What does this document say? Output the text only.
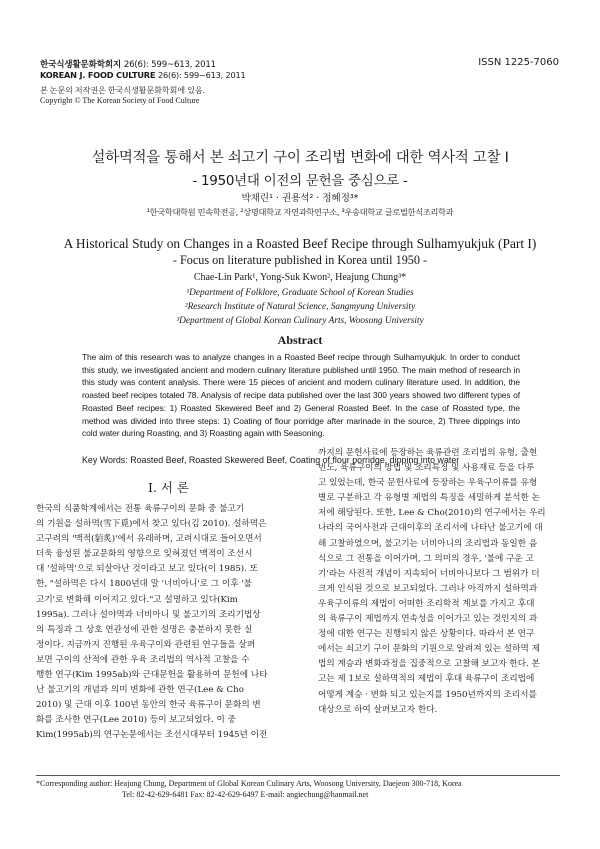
한국식생활문화학회지 26(6): 599~613, 2011
KOREAN J. FOOD CULTURE 26(6): 599~613, 2011
본 논문의 저작권은 한국식생활문화학회에 있음.
Copyright © The Korean Society of Food Culture
ISSN 1225-7060
설하멱적을 통해서 본 쇠고기 구이 조리법 변화에 대한 역사적 고찰 I
- 1950년대 이전의 문헌을 중심으로 -
박채린¹ · 권용석² · 정혜정³*
¹한국학대학원 민속학전공, ²상명대학교 자연과학연구소, ³우송대학교 글로벌한식조리학과
A Historical Study on Changes in a Roasted Beef Recipe through Sulhamyukjuk (Part I)
- Focus on literature published in Korea until 1950 -
Chae-Lin Park¹, Yong-Suk Kwon², Heajung Chung³*
¹Department of Folklore, Graduate School of Korean Studies
²Research Institute of Natural Science, Sangmyung University
³Department of Global Korean Culinary Arts, Woosong University
Abstract
The aim of this research was to analyze changes in a Roasted Beef recipe through Sulhamyukjuk. In order to conduct this study, we investigated ancient and modern culinary literature published until 1950. The main method of research in this study was content analysis. There were 15 pieces of ancient and modern culinary literature used. In addition, the roasted beef recipes totaled 78. Analysis of recipe data published over the last 300 years showed two different types of Roasted Beef recipes: 1) Roasted Skewered Beef and 2) General Roasted Beef. In the case of Roasted type, the method was divided into three steps: 1) Coating of flour porridge after marinade in the source, 2) Three dippings into cold water during Roasting, and 3) Roasting again with Seasoning.
Key Words: Roasted Beef, Roasted Skewered Beef, Coating of flour porridge, dipping into water
I. 서 론
한국의 식품학계에서는 전통 육류구이의 문화 중 불고기
의 기원을 설하멱(雪下覓)에서 찾고 있다(김 2010). 설하멱은
고구려의 '맥적(貊炙)'에서 유래하며, 고려시대로 들어오면서
더욱 융성된 불교문화의 영향으로 잊혀졌던 맥적이 조선시
대 '설하멱'으로 되살아난 것이라고 보고 있다(이 1985). 또
한, "설하멱은 다시 1800년대 말 '너비아니'로 그 이후 '불
고기'로 변화해 이어지고 있다."고 설명하고 있다(Kim
1995a). 그러나 설야멱과 너비아니 및 불고기의 조리기법상
의 특징과 그 상호 연관성에 관한 설명은 충분하지 못한 실
정이다. 지금까지 진행된 우육구이와 관련된 연구들을 살펴
보면 구이의 산적에 관한 우육 조리법의 역사적 고찰을 수
행한 연구(Kim 1995ab)와 근대문헌을 활용하여 문헌에 나타
난 불고기의 개념과 의미 변화에 관한 연구(Lee & Cho
2010) 및 근대 이후 100년 동안의 한국 육류구이 문화의 변
화를 조사한 연구(Lee 2010) 등이 보고되었다. 이 중
Kim(1995ab)의 연구논문에서는 조선시대부터 1945년 이전
까지의 문헌사료에 등장하는 육류관련 조리법의 유형, 출현
빈도, 육류구이의 방법 및 조리특징 및 사용재료 등을 다루
고 있었는데, 한국 문헌사료에 등장하는 우육구이류를 유형
별로 구분하고 각 유형별 제법의 특징을 세밀하게 분석한 논
저에 해당된다. 또한, Lee & Cho(2010)의 연구에서는 우리
나라의 국어사전과 근대이후의 조리서에 나타난 불고기에 대
해 고찰하였으며, 불고기는 너비아니의 조리법과 동일한 음
식으로 그 전통을 이어가며, 그 의미의 경우, '불에 구운 고
기'라는 사전적 개념이 지속되어 너비아니보다 그 범위가 더
크게 인식된 것으로 보고되었다. 그러나 아직까지 설하멱과
우육구이류의 제법이 어떠한 조리학적 계보를 가지고 후대
의 육류구이 제법까지 연속성을 이어가고 있는 것인지의 과
정에 대한 연구는 진행되지 않은 상황이다. 따라서 본 연구
에서는 쇠고기 구이 문화의 기원으로 알려져 있는 설하멱 제
법의 계승과 변화과정을 집중적으로 고찰해 보고자 한다. 본
고는 제 1보로 설하멱적의 제법이 후대 육류구이 조리법에
어떻게 계승 · 변화 되고 있는지를 1950년까지의 조리서를
대상으로 하여 살펴보고자 한다.
*Corresponding author: Heajung Chung, Department of Global Korean Culinary Arts, Woosong University, Daejeon 300-718, Korea
Tel: 82-42-629-6481 Fax: 82-42-629-6497 E-mail: angiechung@hanmail.net
